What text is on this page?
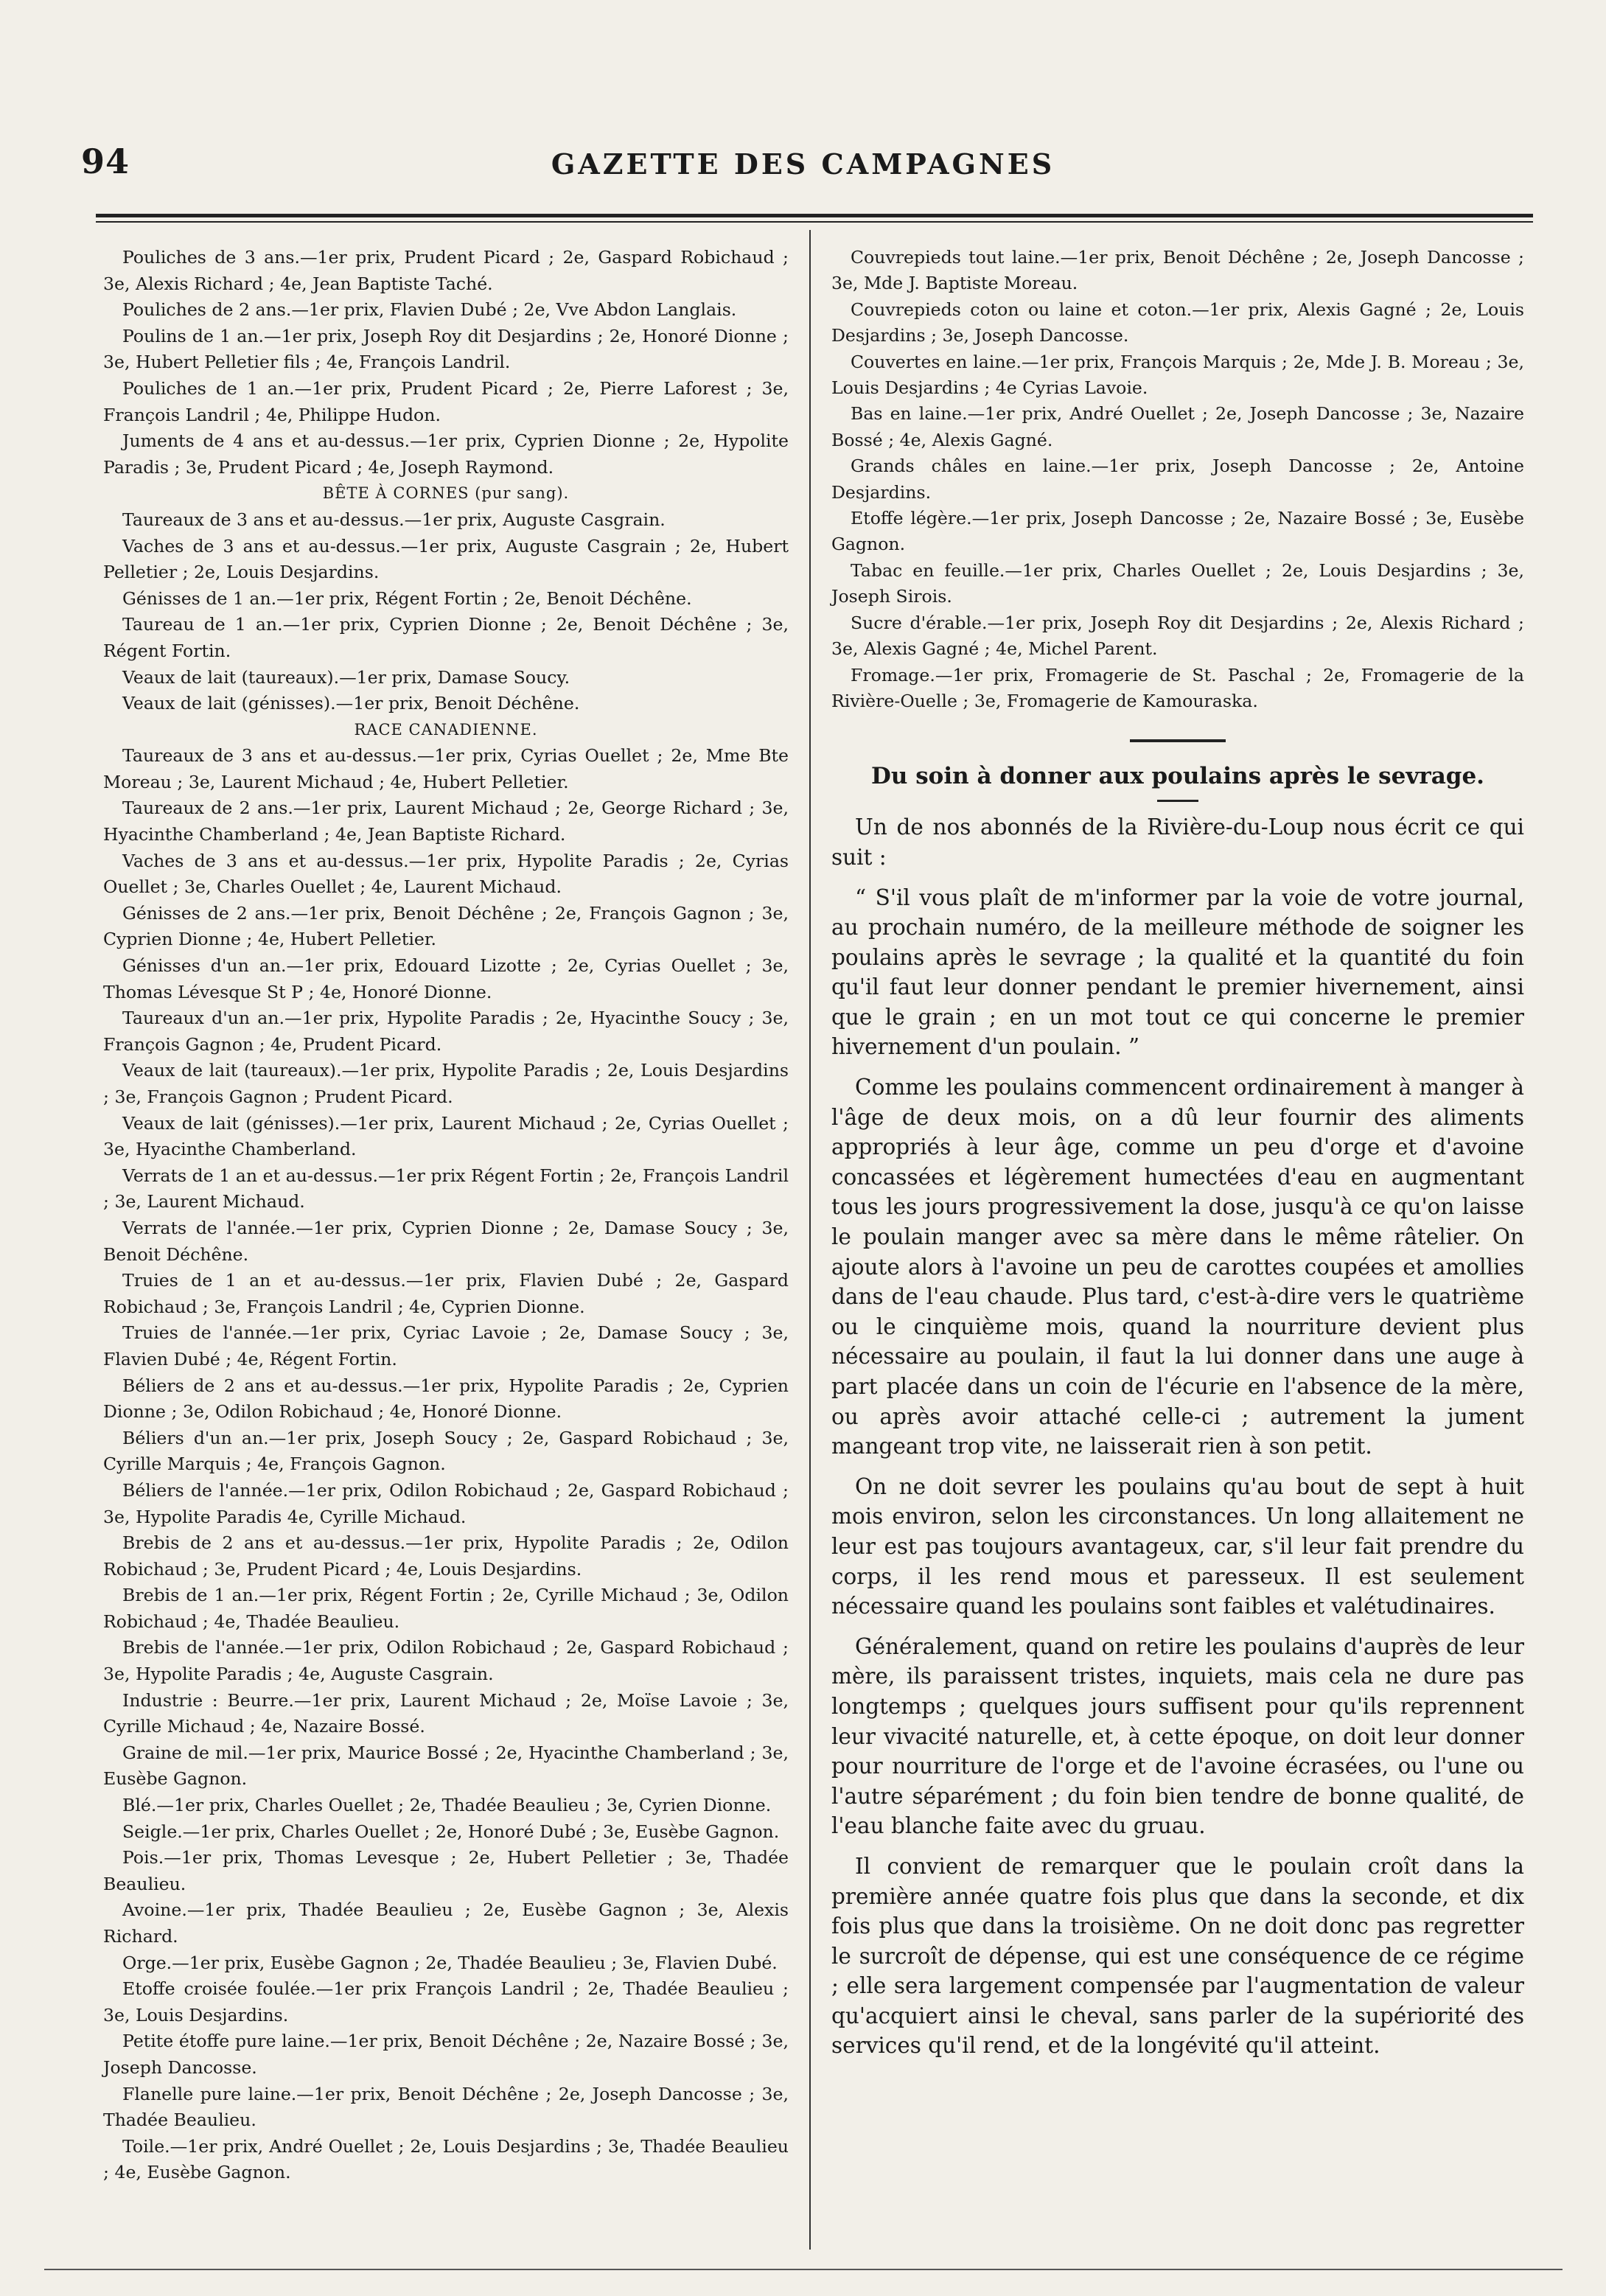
94	GAZETTE DES CAMPAGNES

Pouliches de 3 ans.—1er prix, Prudent Picard ; 2e, Gaspard Robichaud ; 3e, Alexis Richard ; 4e, Jean Baptiste Taché.

Pouliches de 2 ans.—1er prix, Flavien Dubé ; 2e, Vve Abdon Langlais.

Poulins de 1 an.—1er prix, Joseph Roy dit Desjardins ; 2e, Honoré Dionne ; 3e, Hubert Pelletier fils ; 4e, François Landril.

Pouliches de 1 an.—1er prix, Prudent Picard ; 2e, Pierre Laforest ; 3e, François Landril ; 4e, Philippe Hudon.

Juments de 4 ans et au-dessus.—1er prix, Cyprien Dionne ; 2e, Hypolite Paradis ; 3e, Prudent Picard ; 4e, Joseph Raymond.

BÊTE À CORNES (pur sang).

Taureaux de 3 ans et au-dessus.—1er prix, Auguste Casgrain.

Vaches de 3 ans et au-dessus.—1er prix, Auguste Casgrain ; 2e, Hubert Pelletier ; 2e, Louis Desjardins.

Génisses de 1 an.—1er prix, Régent Fortin ; 2e, Benoit Déchêne.

Taureau de 1 an.—1er prix, Cyprien Dionne ; 2e, Benoit Déchêne ; 3e, Régent Fortin.

Veaux de lait (taureaux).—1er prix, Damase Soucy.

Veaux de lait (génisses).—1er prix, Benoit Déchêne.

RACE CANADIENNE.

Taureaux de 3 ans et au-dessus.—1er prix, Cyrias Ouellet ; 2e, Mme Bte Moreau ; 3e, Laurent Michaud ; 4e, Hubert Pelletier.

Taureaux de 2 ans.—1er prix, Laurent Michaud ; 2e, George Richard ; 3e, Hyacinthe Chamberland ; 4e, Jean Baptiste Richard.

Vaches de 3 ans et au-dessus.—1er prix, Hypolite Paradis ; 2e, Cyrias Ouellet ; 3e, Charles Ouellet ; 4e, Laurent Michaud.

Génisses de 2 ans.—1er prix, Benoit Déchêne ; 2e, François Gagnon ; 3e, Cyprien Dionne ; 4e, Hubert Pelletier.

Génisses d'un an.—1er prix, Edouard Lizotte ; 2e, Cyrias Ouellet ; 3e, Thomas Lévesque St P ; 4e, Honoré Dionne.

Taureaux d'un an.—1er prix, Hypolite Paradis ; 2e, Hyacinthe Soucy ; 3e, François Gagnon ; 4e, Prudent Picard.

Veaux de lait (taureaux).—1er prix, Hypolite Paradis ; 2e, Louis Desjardins ; 3e, François Gagnon ; Prudent Picard.

Veaux de lait (génisses).—1er prix, Laurent Michaud ; 2e, Cyrias Ouellet ; 3e, Hyacinthe Chamberland.

Verrats de 1 an et au-dessus.—1er prix Régent Fortin ; 2e, François Landril ; 3e, Laurent Michaud.

Verrats de l'année.—1er prix, Cyprien Dionne ; 2e, Damase Soucy ; 3e, Benoit Déchêne.

Truies de 1 an et au-dessus.—1er prix, Flavien Dubé ; 2e, Gaspard Robichaud ; 3e, François Landril ; 4e, Cyprien Dionne.

Truies de l'année.—1er prix, Cyriac Lavoie ; 2e, Damase Soucy ; 3e, Flavien Dubé ; 4e, Régent Fortin.

Béliers de 2 ans et au-dessus.—1er prix, Hypolite Paradis ; 2e, Cyprien Dionne ; 3e, Odilon Robichaud ; 4e, Honoré Dionne.

Béliers d'un an.—1er prix, Joseph Soucy ; 2e, Gaspard Robichaud ; 3e, Cyrille Marquis ; 4e, François Gagnon.

Béliers de l'année.—1er prix, Odilon Robichaud ; 2e, Gaspard Robichaud ; 3e, Hypolite Paradis 4e, Cyrille Michaud.

Brebis de 2 ans et au-dessus.—1er prix, Hypolite Paradis ; 2e, Odilon Robichaud ; 3e, Prudent Picard ; 4e, Louis Desjardins.

Brebis de 1 an.—1er prix, Régent Fortin ; 2e, Cyrille Michaud ; 3e, Odilon Robichaud ; 4e, Thadée Beaulieu.

Brebis de l'année.—1er prix, Odilon Robichaud ; 2e, Gaspard Robichaud ; 3e, Hypolite Paradis ; 4e, Auguste Casgrain.

Industrie : Beurre.—1er prix, Laurent Michaud ; 2e, Moïse Lavoie ; 3e, Cyrille Michaud ; 4e, Nazaire Bossé.

Graine de mil.—1er prix, Maurice Bossé ; 2e, Hyacinthe Chamberland ; 3e, Eusèbe Gagnon.

Blé.—1er prix, Charles Ouellet ; 2e, Thadée Beaulieu ; 3e, Cyrien Dionne.

Seigle.—1er prix, Charles Ouellet ; 2e, Honoré Dubé ; 3e, Eusèbe Gagnon.

Pois.—1er prix, Thomas Levesque ; 2e, Hubert Pelletier ; 3e, Thadée Beaulieu.

Avoine.—1er prix, Thadée Beaulieu ; 2e, Eusèbe Gagnon ; 3e, Alexis Richard.

Orge.—1er prix, Eusèbe Gagnon ; 2e, Thadée Beaulieu ; 3e, Flavien Dubé.

Etoffe croisée foulée.—1er prix François Landril ; 2e, Thadée Beaulieu ; 3e, Louis Desjardins.

Petite étoffe pure laine.—1er prix, Benoit Déchêne ; 2e, Nazaire Bossé ; 3e, Joseph Dancosse.

Flanelle pure laine.—1er prix, Benoit Déchêne ; 2e, Joseph Dancosse ; 3e, Thadée Beaulieu.

Toile.—1er prix, André Ouellet ; 2e, Louis Desjardins ; 3e, Thadée Beaulieu ; 4e, Eusèbe Gagnon.

Couvrepieds tout laine.—1er prix, Benoit Déchêne ; 2e, Joseph Dancosse ; 3e, Mde J. Baptiste Moreau.

Couvrepieds coton ou laine et coton.—1er prix, Alexis Gagné ; 2e, Louis Desjardins ; 3e, Joseph Dancosse.

Couvertes en laine.—1er prix, François Marquis ; 2e, Mde J. B. Moreau ; 3e, Louis Desjardins ; 4e Cyrias Lavoie.

Bas en laine.—1er prix, André Ouellet ; 2e, Joseph Dancosse ; 3e, Nazaire Bossé ; 4e, Alexis Gagné.

Grands châles en laine.—1er prix, Joseph Dancosse ; 2e, Antoine Desjardins.

Etoffe légère.—1er prix, Joseph Dancosse ; 2e, Nazaire Bossé ; 3e, Eusèbe Gagnon.

Tabac en feuille.—1er prix, Charles Ouellet ; 2e, Louis Desjardins ; 3e, Joseph Sirois.

Sucre d'érable.—1er prix, Joseph Roy dit Desjardins ; 2e, Alexis Richard ; 3e, Alexis Gagné ; 4e, Michel Parent.

Fromage.—1er prix, Fromagerie de St. Paschal ; 2e, Fromagerie de la Rivière-Ouelle ; 3e, Fromagerie de Kamouraska.

Du soin à donner aux poulains après le sevrage.

Un de nos abonnés de la Rivière-du-Loup nous écrit ce qui suit :

“ S'il vous plaît de m'informer par la voie de votre journal, au prochain numéro, de la meilleure méthode de soigner les poulains après le sevrage ; la qualité et la quantité du foin qu'il faut leur donner pendant le premier hivernement, ainsi que le grain ; en un mot tout ce qui concerne le premier hivernement d'un poulain. ”

Comme les poulains commencent ordinairement à manger à l'âge de deux mois, on a dû leur fournir des aliments appropriés à leur âge, comme un peu d'orge et d'avoine concassées et légèrement humectées d'eau en augmentant tous les jours progressivement la dose, jusqu'à ce qu'on laisse le poulain manger avec sa mère dans le même râtelier. On ajoute alors à l'avoine un peu de carottes coupées et amollies dans de l'eau chaude. Plus tard, c'est-à-dire vers le quatrième ou le cinquième mois, quand la nourriture devient plus nécessaire au poulain, il faut la lui donner dans une auge à part placée dans un coin de l'écurie en l'absence de la mère, ou après avoir attaché celle-ci ; autrement la jument mangeant trop vite, ne laisserait rien à son petit.

On ne doit sevrer les poulains qu'au bout de sept à huit mois environ, selon les circonstances. Un long allaitement ne leur est pas toujours avantageux, car, s'il leur fait prendre du corps, il les rend mous et paresseux. Il est seulement nécessaire quand les poulains sont faibles et valétudinaires.

Généralement, quand on retire les poulains d'auprès de leur mère, ils paraissent tristes, inquiets, mais cela ne dure pas longtemps ; quelques jours suffisent pour qu'ils reprennent leur vivacité naturelle, et, à cette époque, on doit leur donner pour nourriture de l'orge et de l'avoine écrasées, ou l'une ou l'autre séparément ; du foin bien tendre de bonne qualité, de l'eau blanche faite avec du gruau.

Il convient de remarquer que le poulain croît dans la première année quatre fois plus que dans la seconde, et dix fois plus que dans la troisième. On ne doit donc pas regretter le surcroît de dépense, qui est une conséquence de ce régime ; elle sera largement compensée par l'augmentation de valeur qu'acquiert ainsi le cheval, sans parler de la supériorité des services qu'il rend, et de la longévité qu'il atteint.
